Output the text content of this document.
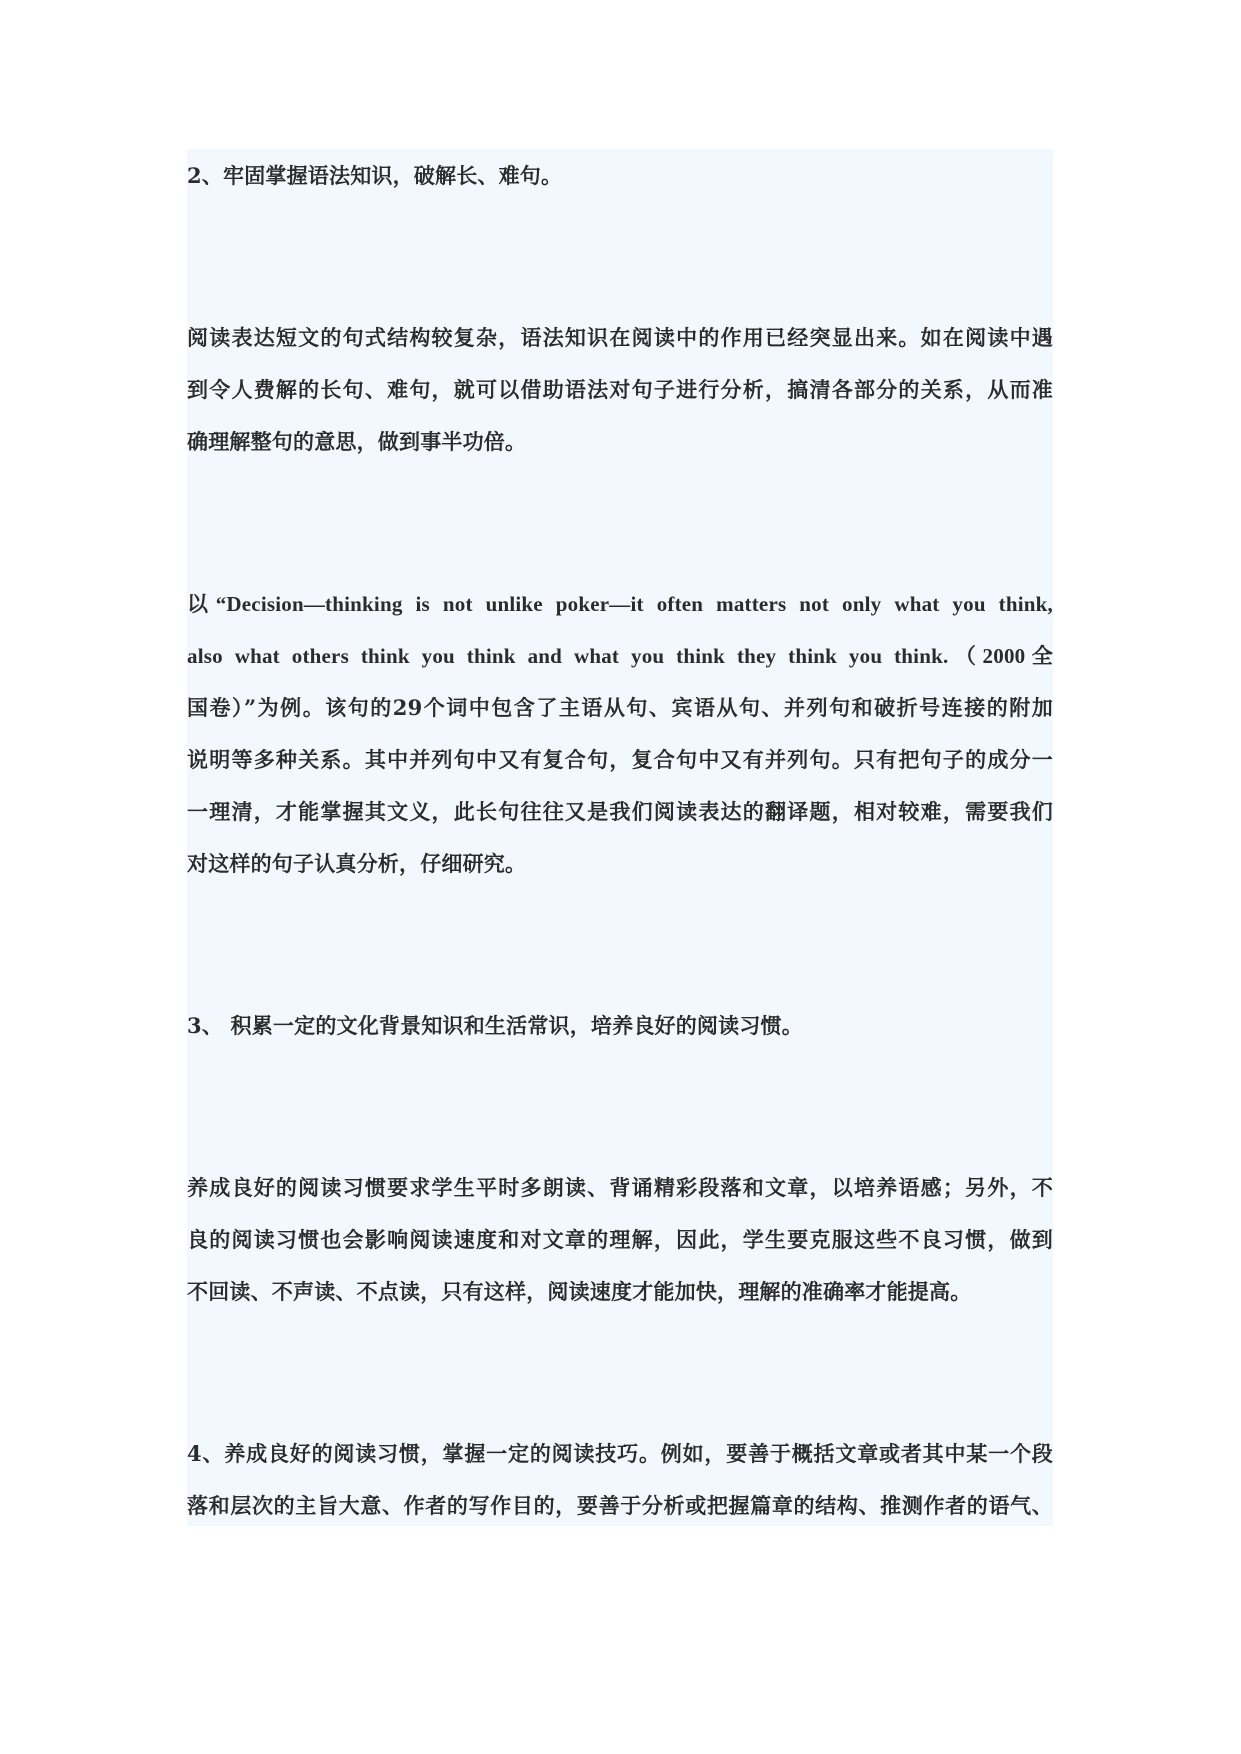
2、牢固掌握语法知识，破解长、难句。

阅读表达短文的句式结构较复杂，语法知识在阅读中的作用已经突显出来。如在阅读中遇

到令人费解的长句、难句，就可以借助语法对句子进行分析，搞清各部分的关系，从而准

确理解整句的意思，做到事半功倍。

以“Decision—thinking is not unlike poker—it often matters not only what you think,

also what others think you think and what you think they think you think.（2000全

国卷）”为例。该句的29个词中包含了主语从句、宾语从句、并列句和破折号连接的附加

说明等多种关系。其中并列句中又有复合句，复合句中又有并列句。只有把句子的成分一

一理清，才能掌握其文义，此长句往往又是我们阅读表达的翻译题，相对较难，需要我们

对这样的句子认真分析，仔细研究。

3、 积累一定的文化背景知识和生活常识，培养良好的阅读习惯。

养成良好的阅读习惯要求学生平时多朗读、背诵精彩段落和文章，以培养语感；另外，不

良的阅读习惯也会影响阅读速度和对文章的理解，因此，学生要克服这些不良习惯，做到

不回读、不声读、不点读，只有这样，阅读速度才能加快，理解的准确率才能提高。

4、养成良好的阅读习惯，掌握一定的阅读技巧。例如，要善于概括文章或者其中某一个段

落和层次的主旨大意、作者的写作目的，要善于分析或把握篇章的结构、推测作者的语气、
